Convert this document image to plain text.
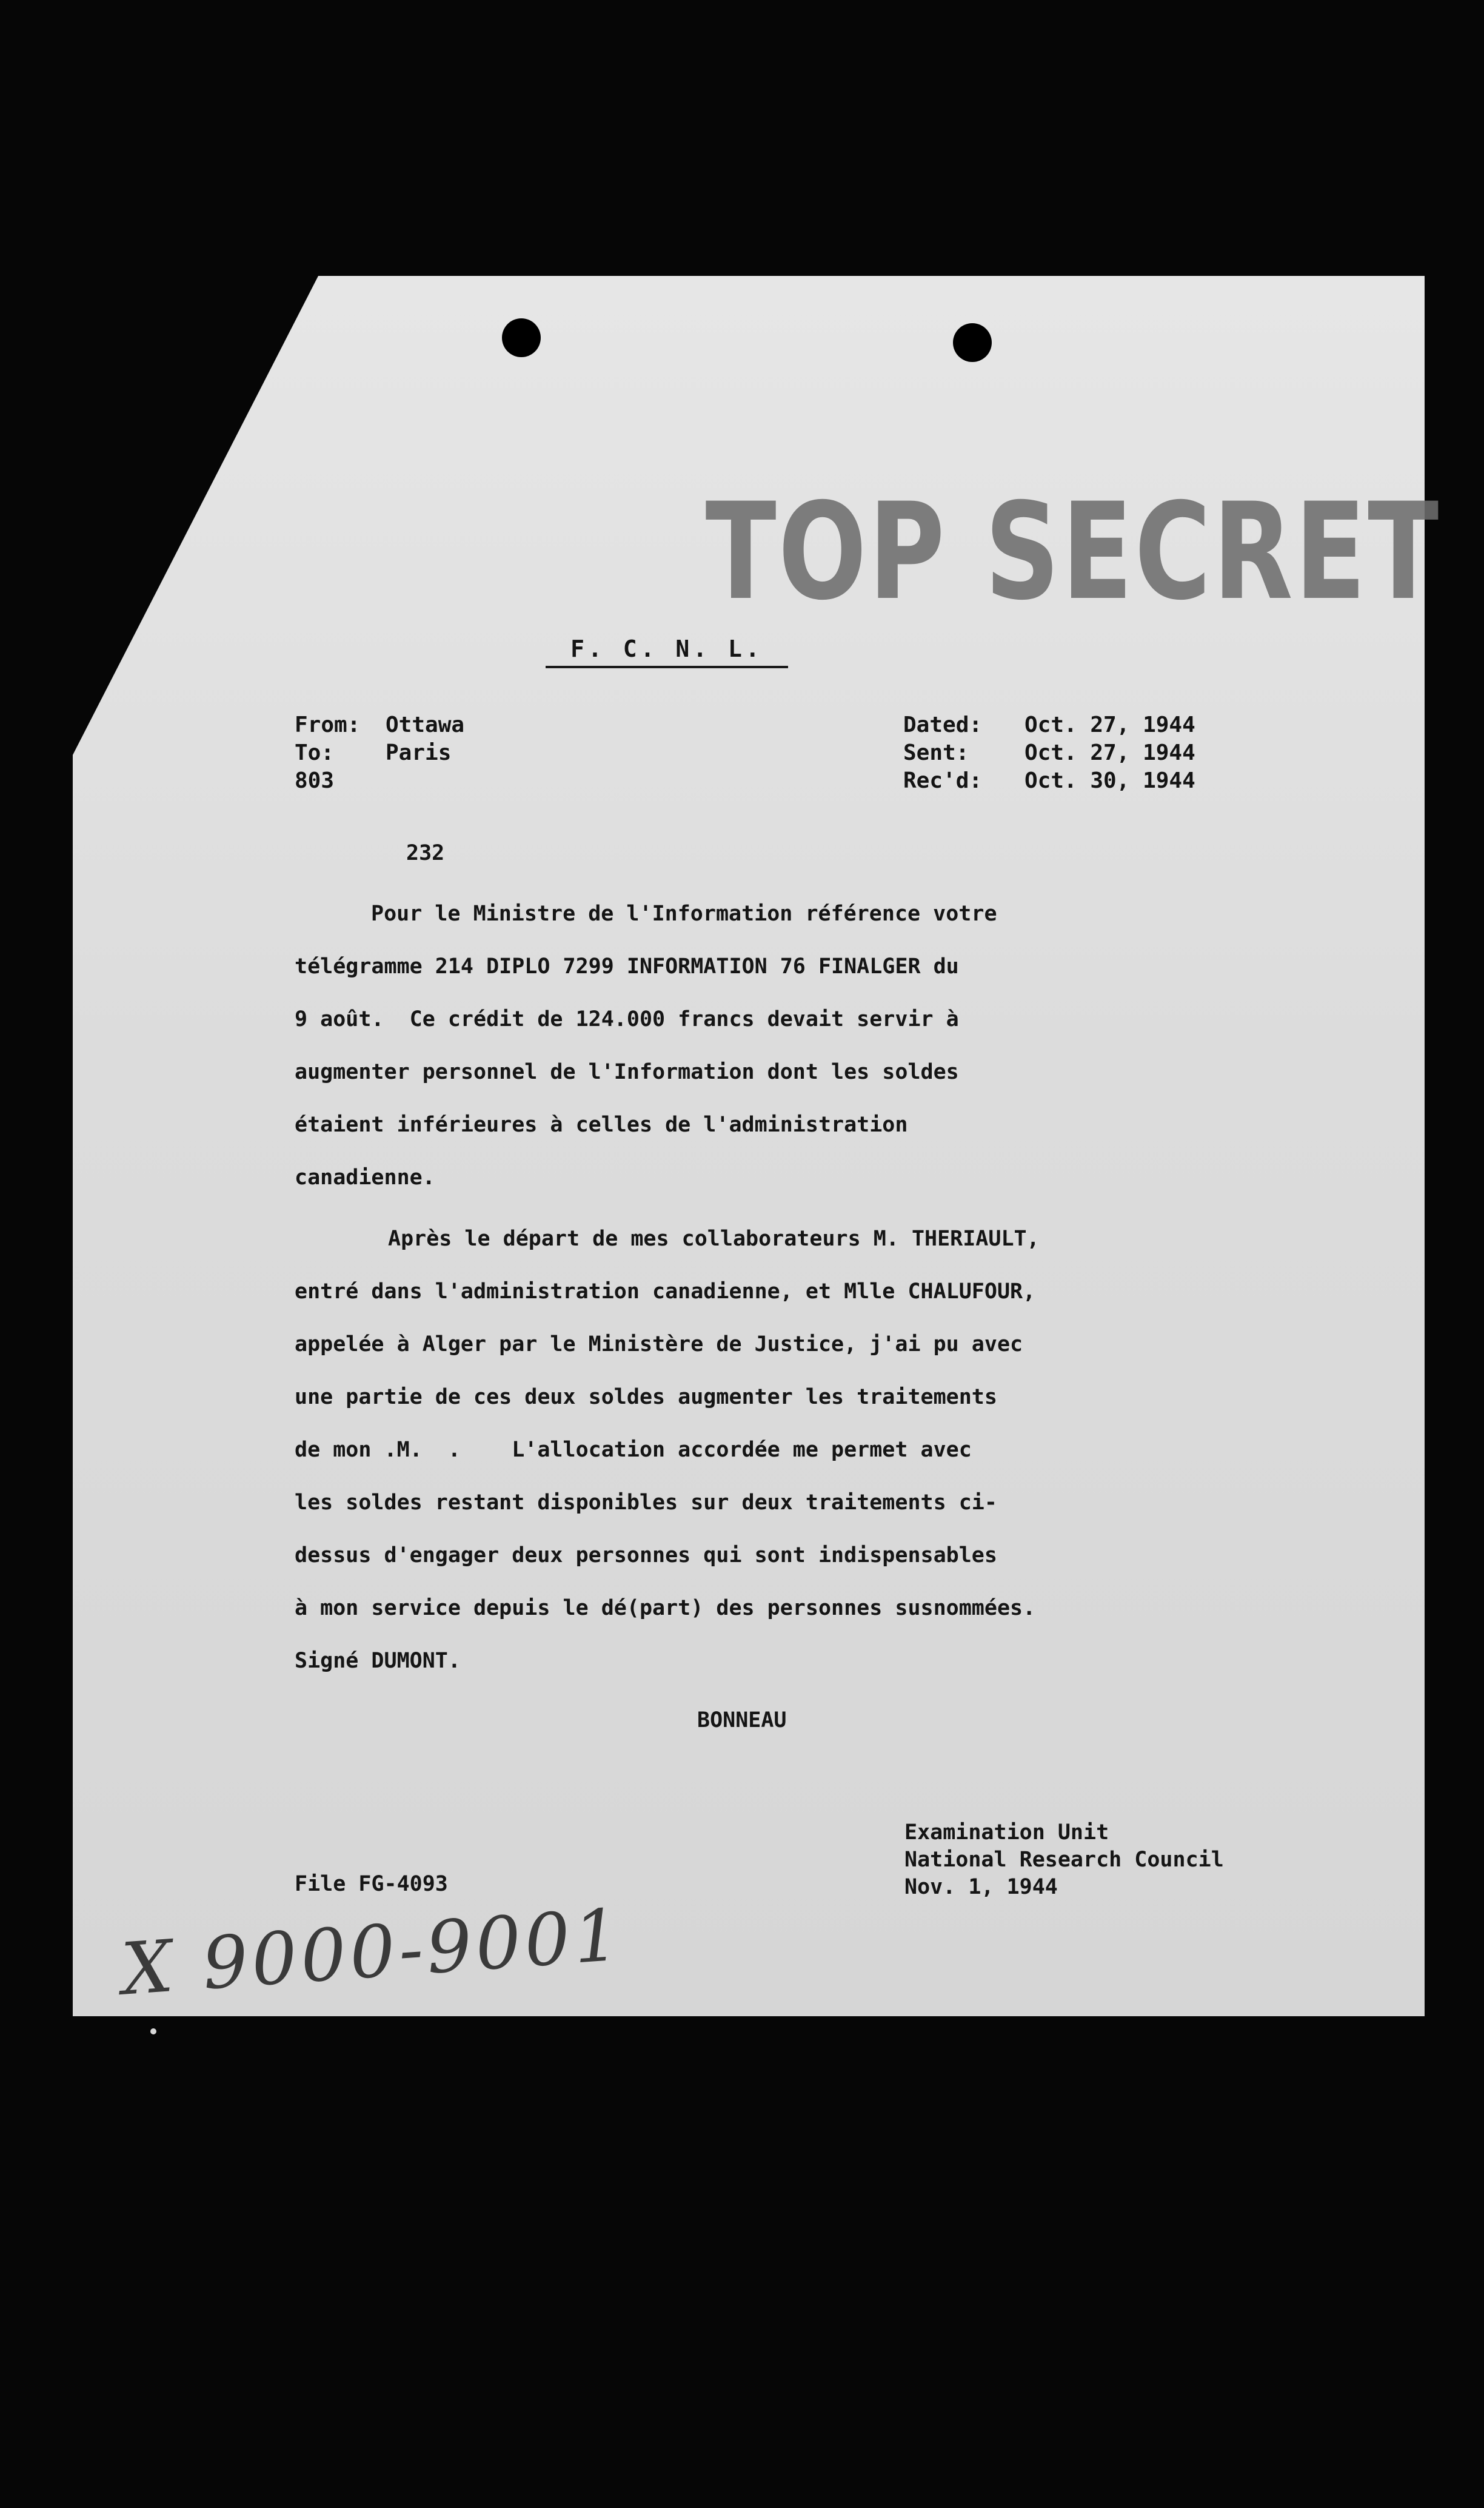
TOP SECRET
F. C. N. L.
From:	Ottawa
To:	Paris
803
Dated:	Oct. 27, 1944
Sent:	Oct. 27, 1944
Rec'd:	Oct. 30, 1944
232
Pour le Ministre de l'Information référence votre
télégramme 214 DIPLO 7299 INFORMATION 76 FINALGER du
9 août.  Ce crédit de 124.000 francs devait servir à
augmenter personnel de l'Information dont les soldes
étaient inférieures à celles de l'administration
canadienne.
Après le départ de mes collaborateurs M. THERIAULT,
entré dans l'administration canadienne, et Mlle CHALUFOUR,
appelée à Alger par le Ministère de Justice, j'ai pu avec
une partie de ces deux soldes augmenter les traitements
de mon .M.  .    L'allocation accordée me permet avec
les soldes restant disponibles sur deux traitements ci-
dessus d'engager deux personnes qui sont indispensables
à mon service depuis le dé(part) des personnes susnommées.
Signé DUMONT.
BONNEAU
Examination Unit
National Research Council
Nov. 1, 1944
File FG-4093
X 9000-9001
